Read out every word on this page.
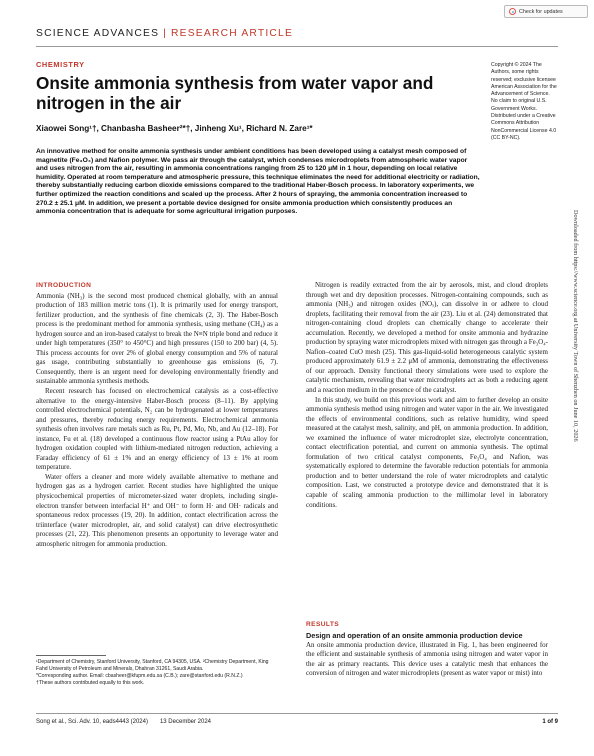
Check for updates
SCIENCE ADVANCES | RESEARCH ARTICLE
CHEMISTRY
Onsite ammonia synthesis from water vapor and nitrogen in the air
Xiaowei Song¹†, Chanbasha Basheer²*†, Jinheng Xu¹, Richard N. Zare¹*

An innovative method for onsite ammonia synthesis under ambient conditions has been developed using a catalyst mesh composed of magnetite (Fe₃O₄) and Nafion polymer. We pass air through the catalyst, which condenses microdroplets from atmospheric water vapor and uses nitrogen from the air, resulting in ammonia concentrations ranging from 25 to 120 μM in 1 hour, depending on local relative humidity. Operated at room temperature and atmospheric pressure, this technique eliminates the need for additional electricity or radiation, thereby substantially reducing carbon dioxide emissions compared to the traditional Haber-Bosch process. In laboratory experiments, we further optimized the reaction conditions and scaled up the process. After 2 hours of spraying, the ammonia concentration increased to 270.2 ± 25.1 μM. In addition, we present a portable device designed for onsite ammonia production which consistently produces an ammonia concentration that is adequate for some agricultural irrigation purposes.

Copyright © 2024 The Authors, some rights reserved; exclusive licensee American Association for the Advancement of Science. No claim to original U.S. Government Works. Distributed under a Creative Commons Attribution NonCommercial License 4.0 (CC BY-NC).
Downloaded from https://www.science.org at University Town of Shenzhen on June 10, 2026
INTRODUCTION

Ammonia (NH₃) is the second most produced chemical globally, with an annual production of 183 million metric tons (1). It is primarily used for energy transport, fertilizer production, and the synthesis of fine chemicals (2, 3). The Haber-Bosch process is the predominant method for ammonia synthesis, using methane (CH₄) as a hydrogen source and an iron-based catalyst to break the N≡N triple bond and reduce it under high temperatures (350° to 450°C) and high pressures (150 to 200 bar) (4, 5). This process accounts for over 2% of global energy consumption and 5% of natural gas usage, contributing substantially to greenhouse gas emissions (6, 7). Consequently, there is an urgent need for developing environmentally friendly and sustainable ammonia synthesis methods.

Recent research has focused on electrochemical catalysis as a cost-effective alternative to the energy-intensive Haber-Bosch process (8–11). By applying controlled electrochemical potentials, N₂ can be hydrogenated at lower temperatures and pressures, thereby reducing energy requirements. Electrochemical ammonia synthesis often involves rare metals such as Ru, Pt, Pd, Mo, Nb, and Au (12–18). For instance, Fu et al. (18) developed a continuous flow reactor using a PtAu alloy for hydrogen oxidation coupled with lithium-mediated nitrogen reduction, achieving a Faraday efficiency of 61 ± 1% and an energy efficiency of 13 ± 1% at room temperature.

Water offers a cleaner and more widely available alternative to methane and hydrogen gas as a hydrogen carrier. Recent studies have highlighted the unique physicochemical properties of micrometer-sized water droplets, including single-electron transfer between interfacial H⁺ and OH⁻ to form H· and OH· radicals and spontaneous redox processes (19, 20). In addition, contact electrification across the triinterface (water microdroplet, air, and solid catalyst) can drive electrosynthetic processes (21, 22). This phenomenon presents an opportunity to leverage water and atmospheric nitrogen for ammonia production.

Nitrogen is readily extracted from the air by aerosols, mist, and cloud droplets through wet and dry deposition processes. Nitrogen-containing compounds, such as ammonia (NH₃) and nitrogen oxides (NOₓ), can dissolve in or adhere to cloud droplets, facilitating their removal from the air (23). Liu et al. (24) demonstrated that nitrogen-containing cloud droplets can chemically change to accelerate their accumulation. Recently, we developed a method for onsite ammonia and hydrazine production by spraying water microdroplets mixed with nitrogen gas through a Fe₃O₄-Nafion–coated CuO mesh (25). This gas-liquid-solid heterogeneous catalytic system produced approximately 61.9 ± 2.2 μM of ammonia, demonstrating the effectiveness of our approach. Density functional theory simulations were used to explore the catalytic mechanism, revealing that water microdroplets act as both a reducing agent and a reaction medium in the presence of the catalyst.

In this study, we build on this previous work and aim to further develop an onsite ammonia synthesis method using nitrogen and water vapor in the air. We investigated the effects of environmental conditions, such as relative humidity, wind speed measured at the catalyst mesh, salinity, and pH, on ammonia production. In addition, we examined the influence of water microdroplet size, electrolyte concentration, contact electrification potential, and current on ammonia synthesis. The optimal formulation of two critical catalyst components, Fe₃O₄ and Nafion, was systematically explored to determine the favorable reduction potentials for ammonia production and to better understand the role of water microdroplets and catalytic composition. Last, we constructed a prototype device and demonstrated that it is capable of scaling ammonia production to the millimolar level in laboratory conditions.

RESULTS
Design and operation of an onsite ammonia production device

An onsite ammonia production device, illustrated in Fig. 1, has been engineered for the efficient and sustainable synthesis of ammonia using nitrogen and water vapor in the air as primary reactants. This device uses a catalytic mesh that enhances the conversion of nitrogen and water microdroplets (present as water vapor or mist) into

¹Department of Chemistry, Stanford University, Stanford, CA 94305, USA. ²Chemistry Department, King Fahd University of Petroleum and Minerals, Dhahran 31261, Saudi Arabia.

*Corresponding author. Email: cbasheer@kfupm.edu.sa (C.B.); zare@stanford.edu (R.N.Z.)

†These authors contributed equally to this work.

Song et al., Sci. Adv. 10, eads4443 (2024) 13 December 2024	1 of 9
